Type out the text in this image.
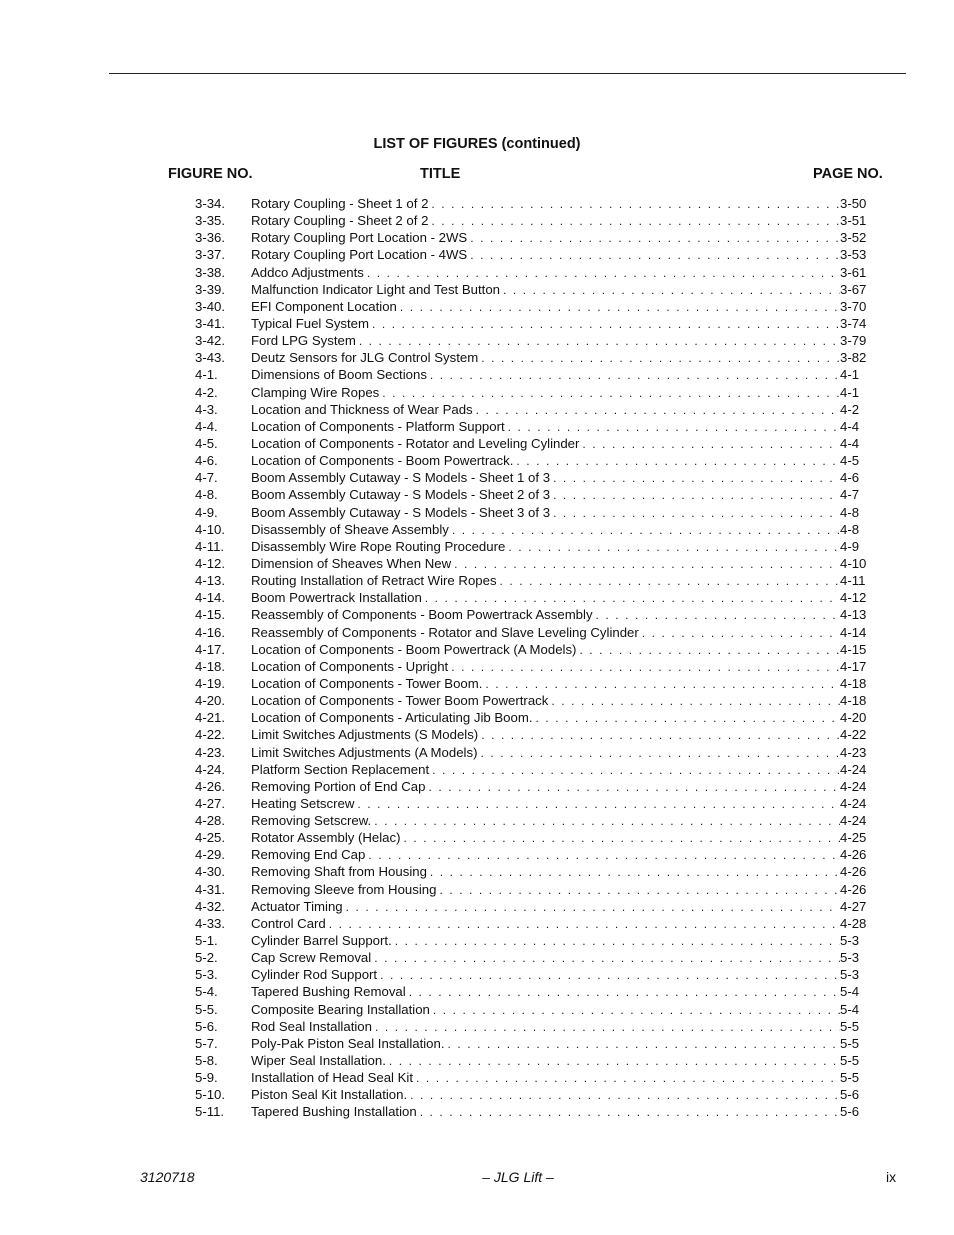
LIST OF FIGURES (continued)
FIGURE NO.	TITLE	PAGE NO.
3-34.	Rotary Coupling - Sheet 1 of 2 . . .	3-50
3-35.	Rotary Coupling - Sheet 2 of 2 . . .	3-51
3-36.	Rotary Coupling Port Location - 2WS . . .	3-52
3-37.	Rotary Coupling Port Location - 4WS . . .	3-53
3-38.	Addco Adjustments . . .	3-61
3-39.	Malfunction Indicator Light and Test Button . . .	3-67
3-40.	EFI Component Location . . .	3-70
3-41.	Typical Fuel System . . .	3-74
3-42.	Ford LPG System . . .	3-79
3-43.	Deutz Sensors for JLG Control System . . .	3-82
4-1.	Dimensions of Boom Sections . . .	4-1
4-2.	Clamping Wire Ropes . . .	4-1
4-3.	Location and Thickness of Wear Pads . . .	4-2
4-4.	Location of Components - Platform Support . . .	4-4
4-5.	Location of Components - Rotator and Leveling Cylinder . . .	4-4
4-6.	Location of Components - Boom Powertrack. . . .	4-5
4-7.	Boom Assembly Cutaway - S Models - Sheet 1 of 3 . . .	4-6
4-8.	Boom Assembly Cutaway - S Models - Sheet 2 of 3 . . .	4-7
4-9.	Boom Assembly Cutaway - S Models - Sheet 3 of 3 . . .	4-8
4-10.	Disassembly of Sheave Assembly . . .	4-8
4-11.	Disassembly Wire Rope Routing Procedure . . .	4-9
4-12.	Dimension of Sheaves When New . . .	4-10
4-13.	Routing Installation of Retract Wire Ropes . . .	4-11
4-14.	Boom Powertrack Installation . . .	4-12
4-15.	Reassembly of Components - Boom Powertrack Assembly . . .	4-13
4-16.	Reassembly of Components - Rotator and Slave Leveling Cylinder . . .	4-14
4-17.	Location of Components - Boom Powertrack (A Models) . . .	4-15
4-18.	Location of Components - Upright . . .	4-17
4-19.	Location of Components - Tower Boom. . . .	4-18
4-20.	Location of Components - Tower Boom Powertrack . . .	4-18
4-21.	Location of Components - Articulating Jib Boom. . . .	4-20
4-22.	Limit Switches Adjustments (S Models) . . .	4-22
4-23.	Limit Switches Adjustments (A Models) . . .	4-23
4-24.	Platform Section Replacement . . .	4-24
4-26.	Removing Portion of End Cap . . .	4-24
4-27.	Heating Setscrew . . .	4-24
4-28.	Removing Setscrew. . . .	4-24
4-25.	Rotator Assembly (Helac) . . .	4-25
4-29.	Removing End Cap . . .	4-26
4-30.	Removing Shaft from Housing . . .	4-26
4-31.	Removing Sleeve from Housing . . .	4-26
4-32.	Actuator Timing . . .	4-27
4-33.	Control Card . . .	4-28
5-1.	Cylinder Barrel Support. . . .	5-3
5-2.	Cap Screw Removal . . .	5-3
5-3.	Cylinder Rod Support . . .	5-3
5-4.	Tapered Bushing Removal . . .	5-4
5-5.	Composite Bearing Installation . . .	5-4
5-6.	Rod Seal Installation . . .	5-5
5-7.	Poly-Pak Piston Seal Installation. . . .	5-5
5-8.	Wiper Seal Installation. . . .	5-5
5-9.	Installation of Head Seal Kit . . .	5-5
5-10.	Piston Seal Kit Installation. . . .	5-6
5-11.	Tapered Bushing Installation . . .	5-6
3120718	– JLG Lift –	ix
